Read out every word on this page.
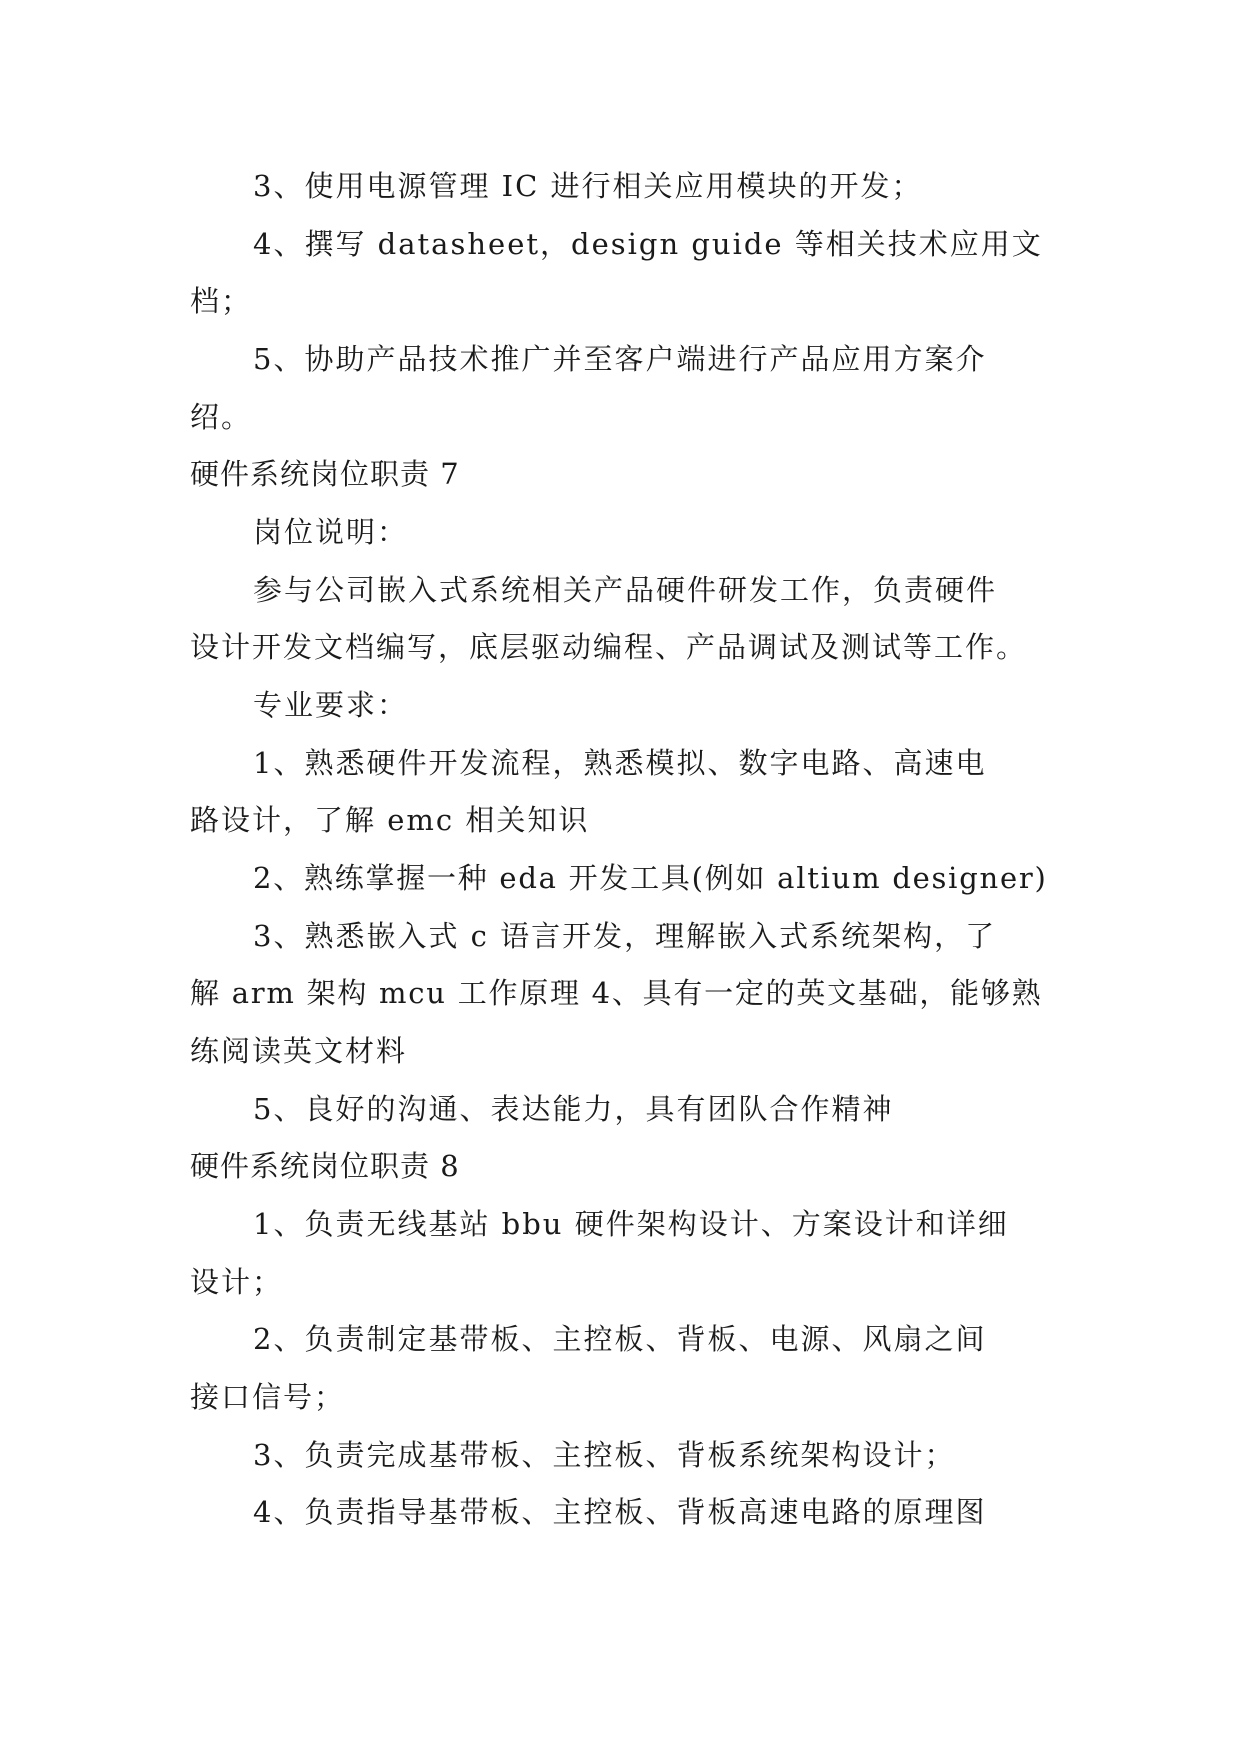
3、使用电源管理 IC 进行相关应用模块的开发；
4、撰写 datasheet，design guide 等相关技术应用文
档；
5、协助产品技术推广并至客户端进行产品应用方案介
绍。
硬件系统岗位职责 7
岗位说明：
参与公司嵌入式系统相关产品硬件研发工作，负责硬件
设计开发文档编写，底层驱动编程、产品调试及测试等工作。
专业要求：
1、熟悉硬件开发流程，熟悉模拟、数字电路、高速电
路设计，了解 emc 相关知识
2、熟练掌握一种 eda 开发工具(例如 altium designer)
3、熟悉嵌入式 c 语言开发，理解嵌入式系统架构，了
解 arm 架构 mcu 工作原理 4、具有一定的英文基础，能够熟
练阅读英文材料
5、良好的沟通、表达能力，具有团队合作精神
硬件系统岗位职责 8
1、负责无线基站 bbu 硬件架构设计、方案设计和详细
设计；
2、负责制定基带板、主控板、背板、电源、风扇之间
接口信号；
3、负责完成基带板、主控板、背板系统架构设计；
4、负责指导基带板、主控板、背板高速电路的原理图
